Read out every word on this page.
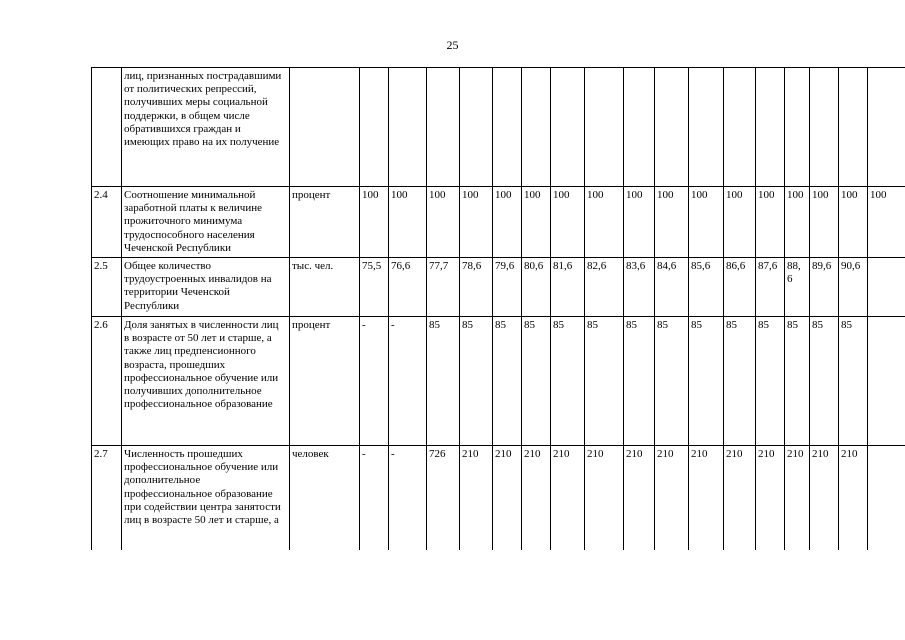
25
	лиц, признанных пострадавшими от политических репрессий, получивших меры социальной поддержки, в общем числе обратившихся граждан и имеющих право на их получение																		
2.4	Соотношение минимальной заработной платы к величине прожиточного минимума трудоспособного населения Чеченской Республики	процент	100	100	100	100	100	100	100	100	100	100	100	100	100	100	100	100	100
2.5	Общее количество трудоустроенных инвалидов на территории Чеченской Республики	тыс. чел.	75,5	76,6	77,7	78,6	79,6	80,6	81,6	82,6	83,6	84,6	85,6	86,6	87,6	88,6	89,6	90,6	
2.6	Доля занятых в численности лиц в возрасте от 50 лет и старше, а также лиц предпенсионного возраста, прошедших профессиональное обучение или получивших дополнительное профессиональное образование	процент	-	-	85	85	85	85	85	85	85	85	85	85	85	85	85	85	
2.7	Численность прошедших профессиональное обучение или дополнительное профессиональное образование при содействии центра занятости лиц в возрасте 50 лет и старше, а	человек	-	-	726	210	210	210	210	210	210	210	210	210	210	210	210	210	
